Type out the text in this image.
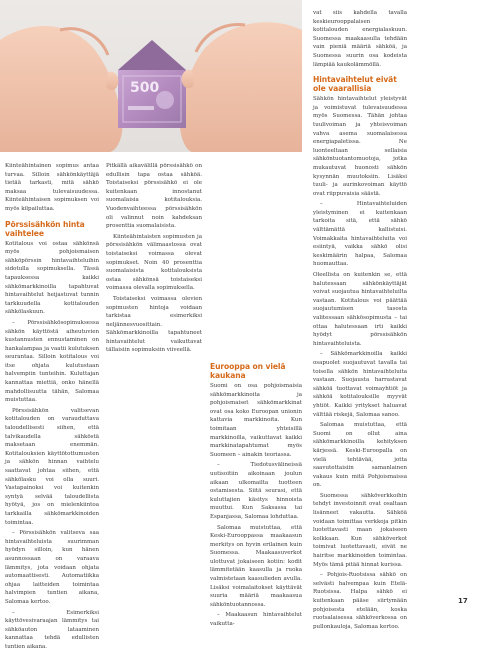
500

Kiinteähintainen sopimus antaa turvaa. Silloin sähkönkäyttäjä tietää tarkasti, mitä sähkö maksaa tulevaisuudessa. Kiinteähintaisen sopimuksen voi myös kilpailuttaa.

Pörssisähkön hinta vaihtelee

Kotitalous voi ostaa sähkönsä myös pohjoismaisen sähköpörssin hintavaihteluihin sidotulla sopimuksella. Tässä tapauksessa kaikki sähkömarkkinoilla tapahtuvat hintavaihtelut heijastuvat tunnin tarkkuudella kotitalouden sähkölaskuun.

– Pörssisähkösopimuksessa sähkön käyttöstä aiheutuvien kustannusten ennustaminen on hankalampaa ja vaatii kulutuksen seurantaa. Silloin kotitalous voi itse ohjata kulutustaan halvempiin tunteihin. Kuluttajan kannattaa miettiä, onko hänellä mahdollisuutta tähän, Salomaa muistuttaa.

Pörssisähkön valitsevan kotitalouden on varauduttava taloudellisesti siihen, että talvikaudella sähköstä maksetaan enemmän. Kotitalouksien käyttötottumusten ja sähkön hinnan vaihtelu saattavat johtaa siihen, että sähkölasku voi olla suuri. Vastapainoksi voi kuitenkin syntyä selvää taloudellista hyötyä, jos on mielenkiintoa tarkkailla sähkömarkkinoiden toimintaa.

– Pörssisähkön valitseva saa hintavaihteluista suurimman hyödyn silloin, kun hänen asunnossaan on varaava lämmitys, jota voidaan ohjata automaattisesti. Automatiikka ohjaa laitteiden toimintaa halvimpien tuntien aikana, Salomaa kertoo.

– Esimerkiksi käyttövesivaraajan lämmitys tai sähköauton lataaminen kannattaa tehdä edullisten tuntien aikana.

Pitkällä aikavälillä pörssisähkö on edullisin tapa ostaa sähköä. Toistaiseksi pörssisähkö ei ole kuitenkaan innostanut suomalaisia kotitalouksia. Vuodenvaihteessa pörssisähkön oli valinnut noin kahdeksan prosenttia suomalaisista.

Kiinteähintaisten sopimusten ja pörssisähkön välimaastossa ovat toistaiseksi voimassa olevat sopimukset. Noin 40 prosenttia suomalaisista kotitalouksista ostaa sähkönsä toistaiseksi voimassa olevalla sopimuksella.

Toistaiseksi voimassa olevien sopimusten hintoja voidaan tarkistaa esimerkiksi neljännesvuosittain. Sähkömarkkinoilla tapahtuneet hintavaihtelut vaikuttavat tällaisiin sopimuksiin viiveellä.

Eurooppa on vielä kaukana

Suomi on osa pohjoismaisia sähkömarkkinoita ja pohjoismaiset sähkömarkkinat ovat osa koko Euroopan unionin kattavia markkinoita. Kun toimitaan yhteisillä markkinoilla, vaikuttavat kaikki markkinatapahtumat myös Suomeen – ainakin teoriassa.

– Tiedotusvälineissä uutisoitiin aikoinaan joulun aikaan ulkomailta tuotteen ostamisesta. Siitä seurasi, että kuluttajien käsitys hinnoista muuttui. Kun Saksassa tai Espanjassa, Salomaa lohduttaa.

Salomaa muistuttaa, että Keski-Eurooppassa maakaasun merkitys on hyvin erilainen kuin Suomessa. Maakaasuverkot ulottuvat jokaiseen kotiin: kodit lämmitetään kaasulla ja ruoka valmistetaan kaasulieden avulla. Lisäksi voimalaitokset käyttävät suuria määriä maakaasua sähköntuotannossa.

– Maakaasun hintavaihtelut vaikutta-

vat siis kahdella tavalla keskieurooppalaisen kotitalouden energialaskuun. Suomessa maakaasulla tehdään vain pieniä määriä sähköä, ja Suomessa suurin osa kodeista lämpiää kaukolämmöllä.

Hintavaihtelut eivät ole vaarallisia

Sähkön hintavaihtelut yleistyvät ja voimistuvat tulevaisuudessa myös Suomessa. Tähän johtaa tuulivoiman ja yhteisvoiman vahva asema suomalaisessa energiapaletissa. Ne luonteeltaan sellaisia sähköntuotantomuotoja, jotka mukautuvat huonosti sähkön kysynnän muutoksiin. Lisäksi tuuli- ja aurinkovoiman käyttö ovat riippuvaisia säästä.

– Hintavaihteluiden yleistyminen ei kuitenkaan tarkoita sitä, että sähkö välttämättä kallistuisi. Voimakkaita hintavaihteluita voi esiintyä, vaikka sähkö olisi keskimäärin halpaa, Salomaa huomauttaa.

Oleellista on kuitenkin se, että halutessaan sähkönkäyttäjät voivat suojautua hintavaihteluilta vastaan. Kotitalous voi päättää suojautumisen tasosta valitessaan sähkösopimusta – tai ottaa halutessaan irti kaikki hyödyt pörssisähkön hintavaihteluista.

– Sähkömarkkinoilla kaikki osapuolet suojautuvat tavalla tai toisella sähkön hintavaihteluita vastaan. Suojausta harrastavat sähköä tuottavat voimayhtiöt ja sähköä kotitalouksille myyvät yhtiöt. Kaikki yritykset haluavat välttää riskejä, Salomaa sanoo.

Salomaa muistuttaa, että Suomi on ollut aina sähkömarkkinoilla kehityksen kärjessä. Keski-Euroopalla on vielä tehtävää, jotta saavutettaisiin samanlainen vakaus kuin mitä Pohjoismaissa on.

Suomessa sähköverkkoihin tehdyt investoinnit ovat osaltaan lisänneet vakautta. Sähköä voidaan toimittaa verkkoja pitkin luotettavasti maan jokaiseen kolkkaan. Kun sähköverkot toimivat luotettavasti, eivät ne hairitse markkinoiden toimintaa. Myös tämä pitää hinnat kurissa.

– Pohjois-Ruotsissa sähkö on selvästi halvempaa kuin Etelä-Ruotsissa. Halpa sähkö ei kuitenkaan pääse siirtymään pohjoisesta etelään, koska ruotsalaisessa sähköverkossa on pullonkauloja, Salomaa kertoo.

17
